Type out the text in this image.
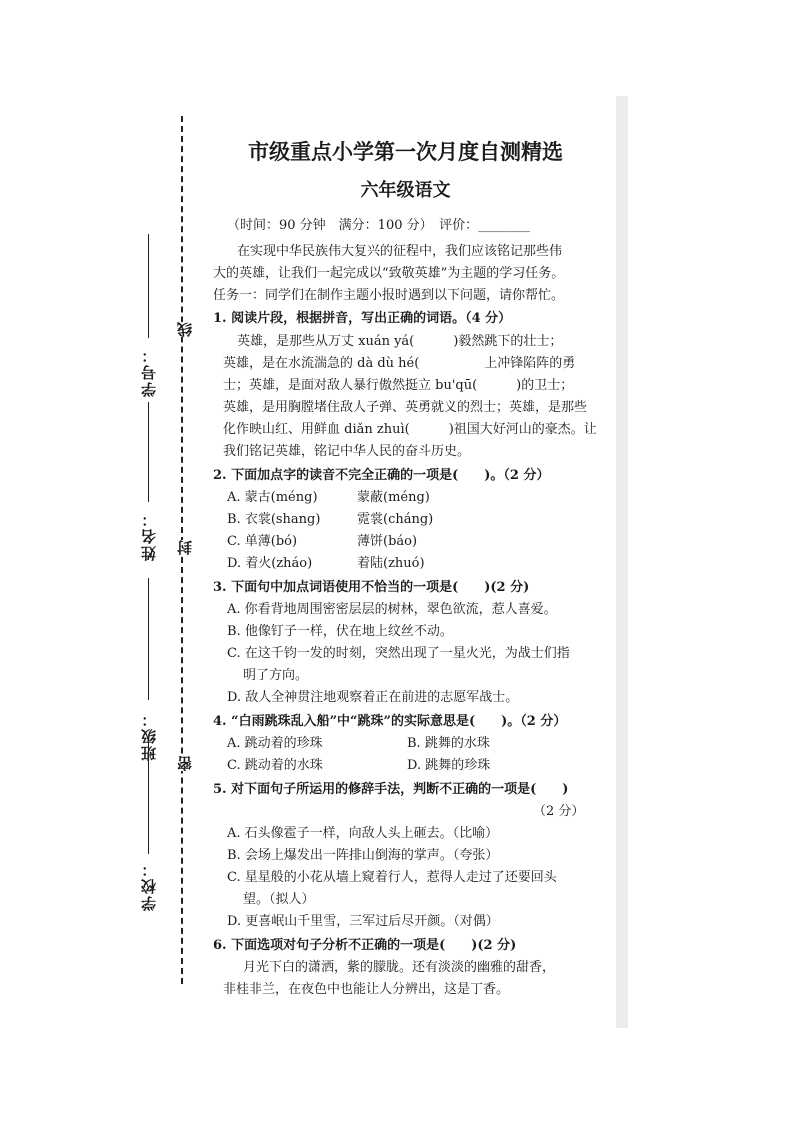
线
封
密
学校：
班级：
姓名：
学号：
市级重点小学第一次月度自测精选
六年级语文
（时间：90 分钟　满分：100 分）　评价：________
在实现中华民族伟大复兴的征程中，我们应该铭记那些伟
大的英雄，让我们一起完成以“致敬英雄”为主题的学习任务。
任务一：同学们在制作主题小报时遇到以下问题，请你帮忙。
1. 阅读片段，根据拼音，写出正确的词语。（4 分）
英雄，是那些从万丈 xuán yá(　　　)毅然跳下的壮士；
英雄，是在水流湍急的 dà dù hé(　　　　　上冲锋陷阵的勇
士；英雄，是面对敌人暴行傲然挺立 bu'qū(　　　)的卫士；
英雄，是用胸膛堵住敌人子弹、英勇就义的烈士；英雄，是那些
化作映山红、用鲜血 diǎn zhuì(　　　)祖国大好河山的豪杰。让
我们铭记英雄，铭记中华人民的奋斗历史。
2. 下面加点字的读音不完全正确的一项是(　　)。（2 分）
A. 蒙古(méng)	蒙蔽(méng)
B. 衣裳(shang)	霓裳(cháng)
C. 单薄(bó)	薄饼(báo)
D. 着火(zháo)	着陆(zhuó)
3. 下面句中加点词语使用不恰当的一项是(　　)(2 分)
A. 你看背地周围密密层层的树林，翠色欲流，惹人喜爱。
B. 他像钉子一样，伏在地上纹丝不动。
C. 在这千钧一发的时刻，突然出现了一星火光，为战士们指
明了方向。
D. 敌人全神贯注地观察着正在前进的志愿军战士。
4. “白雨跳珠乱入船”中“跳珠”的实际意思是(　　)。（2 分）
A. 跳动着的珍珠	B. 跳舞的水珠
C. 跳动着的水珠	D. 跳舞的珍珠
5. 对下面句子所运用的修辞手法，判断不正确的一项是(　　)
（2 分）
A. 石头像雹子一样，向敌人头上砸去。（比喻）
B. 会场上爆发出一阵排山倒海的掌声。（夸张）
C. 星星般的小花从墙上窥着行人，惹得人走过了还要回头
望。（拟人）
D. 更喜岷山千里雪，三军过后尽开颜。（对偶）
6. 下面选项对句子分析不正确的一项是(　　)(2 分)
月光下白的潇洒，紫的朦胧。还有淡淡的幽雅的甜香，
非桂非兰，在夜色中也能让人分辨出，这是丁香。
